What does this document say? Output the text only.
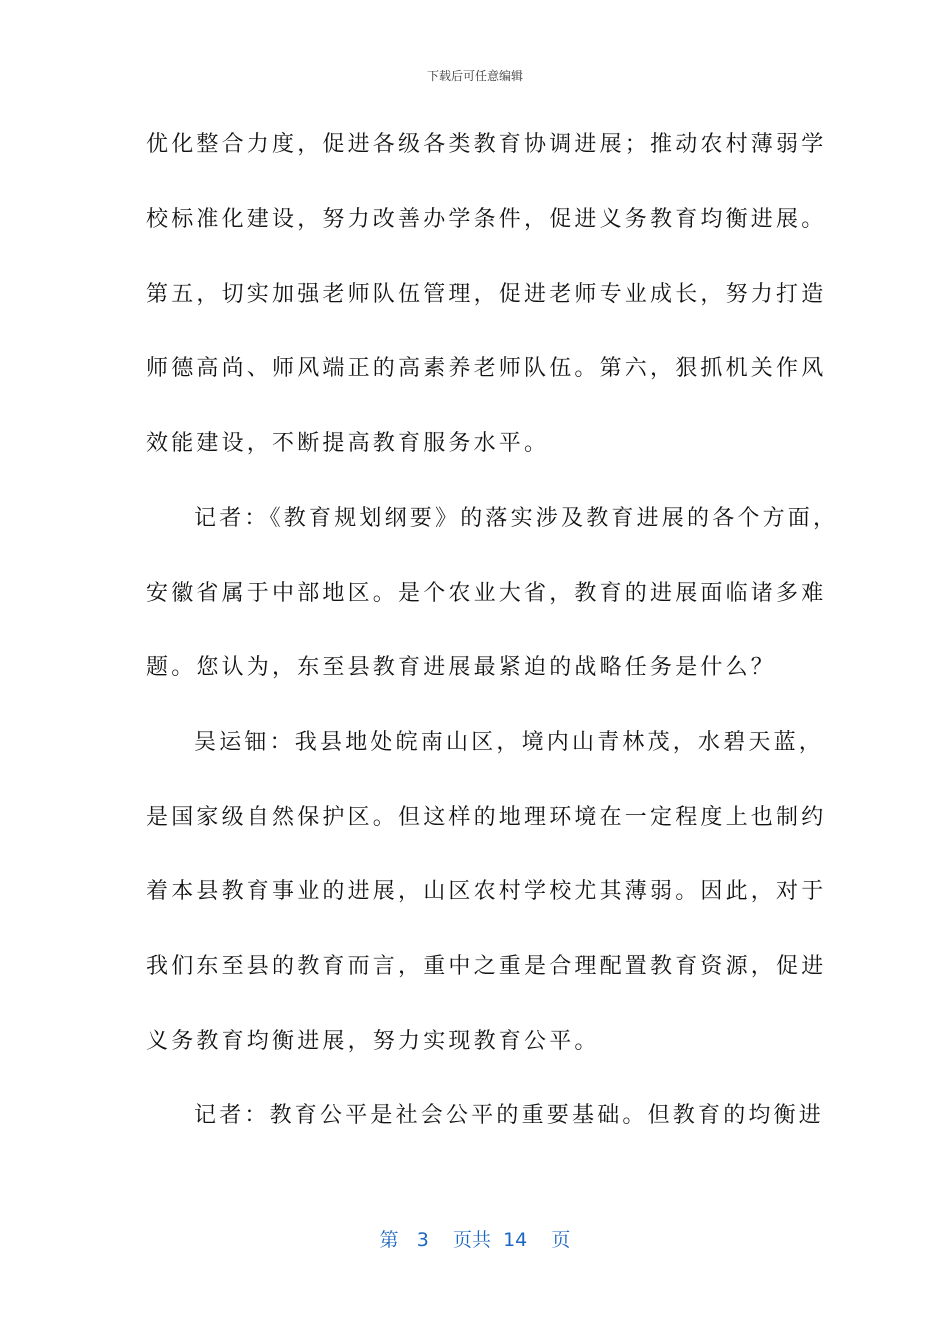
下载后可任意编辑
优化整合力度，促进各级各类教育协调进展；推动农村薄弱学
校标准化建设，努力改善办学条件，促进义务教育均衡进展。
第五，切实加强老师队伍管理，促进老师专业成长，努力打造
师德高尚、师风端正的高素养老师队伍。第六，狠抓机关作风
效能建设，不断提高教育服务水平。
记者：《教育规划纲要》的落实涉及教育进展的各个方面，
安徽省属于中部地区。是个农业大省，教育的进展面临诸多难
题。您认为，东至县教育进展最紧迫的战略任务是什么？
吴运钿：我县地处皖南山区，境内山青林茂，水碧天蓝，
是国家级自然保护区。但这样的地理环境在一定程度上也制约
着本县教育事业的进展，山区农村学校尤其薄弱。因此，对于
我们东至县的教育而言，重中之重是合理配置教育资源，促进
义务教育均衡进展，努力实现教育公平。
记者：教育公平是社会公平的重要基础。但教育的均衡进
第 3 页共 14 页
